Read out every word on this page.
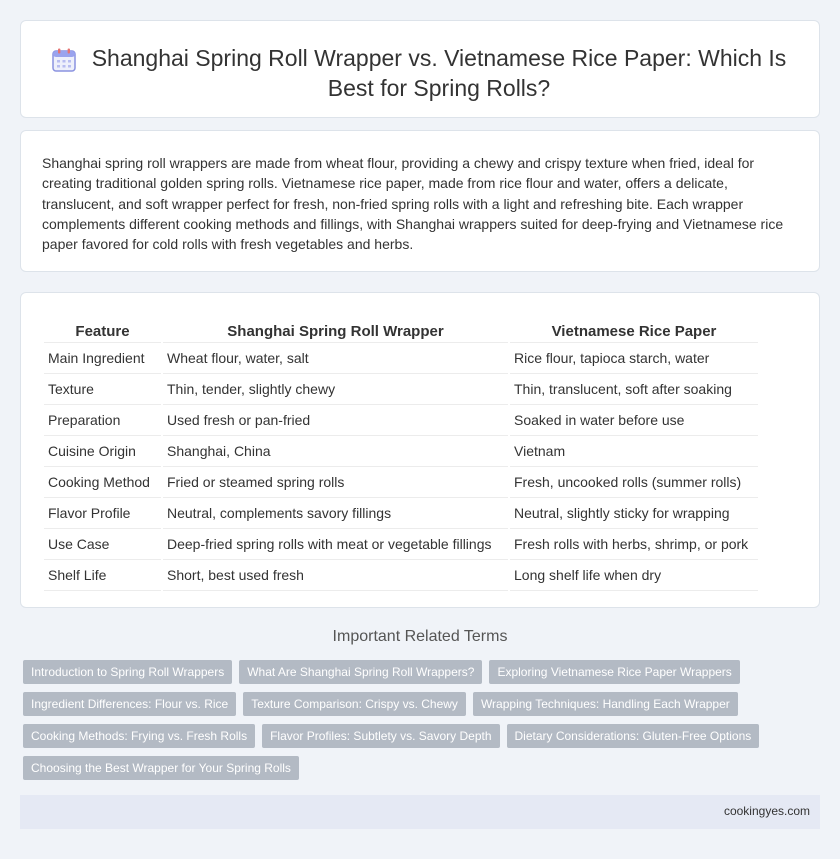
Shanghai Spring Roll Wrapper vs. Vietnamese Rice Paper: Which Is Best for Spring Rolls?

Shanghai spring roll wrappers are made from wheat flour, providing a chewy and crispy texture when fried, ideal for creating traditional golden spring rolls. Vietnamese rice paper, made from rice flour and water, offers a delicate, translucent, and soft wrapper perfect for fresh, non-fried spring rolls with a light and refreshing bite. Each wrapper complements different cooking methods and fillings, with Shanghai wrappers suited for deep-frying and Vietnamese rice paper favored for cold rolls with fresh vegetables and herbs.

Feature	Shanghai Spring Roll Wrapper	Vietnamese Rice Paper
Main Ingredient	Wheat flour, water, salt	Rice flour, tapioca starch, water
Texture	Thin, tender, slightly chewy	Thin, translucent, soft after soaking
Preparation	Used fresh or pan-fried	Soaked in water before use
Cuisine Origin	Shanghai, China	Vietnam
Cooking Method	Fried or steamed spring rolls	Fresh, uncooked rolls (summer rolls)
Flavor Profile	Neutral, complements savory fillings	Neutral, slightly sticky for wrapping
Use Case	Deep-fried spring rolls with meat or vegetable fillings	Fresh rolls with herbs, shrimp, or pork
Shelf Life	Short, best used fresh	Long shelf life when dry
Important Related Terms
Introduction to Spring Roll Wrappers	What Are Shanghai Spring Roll Wrappers?	Exploring Vietnamese Rice Paper Wrappers
Ingredient Differences: Flour vs. Rice	Texture Comparison: Crispy vs. Chewy	Wrapping Techniques: Handling Each Wrapper
Cooking Methods: Frying vs. Fresh Rolls	Flavor Profiles: Subtlety vs. Savory Depth	Dietary Considerations: Gluten-Free Options
Choosing the Best Wrapper for Your Spring Rolls
cookingyes.com
